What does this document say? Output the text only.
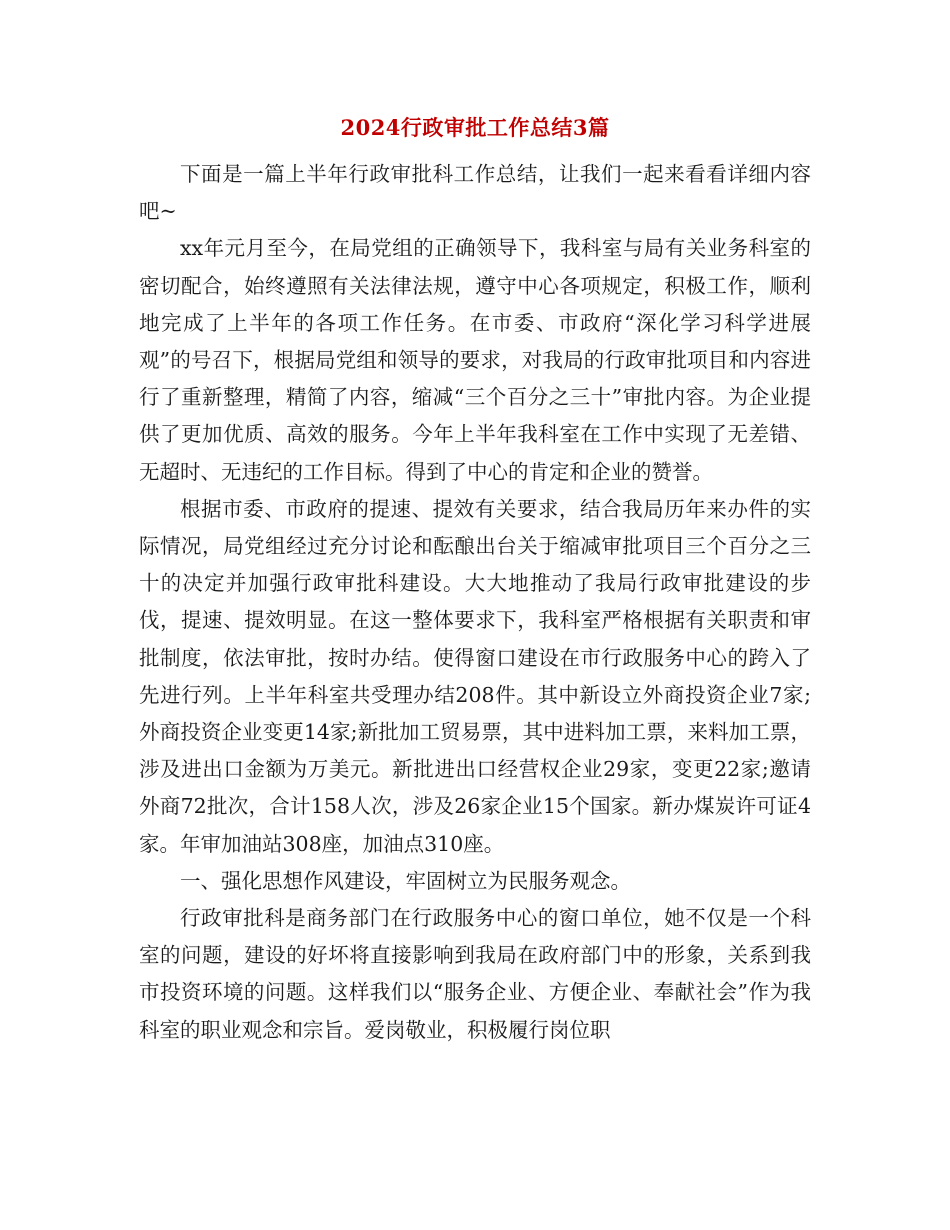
2024行政审批工作总结3篇

下面是一篇上半年行政审批科工作总结，让我们一起来看看详细内容吧~

xx年元月至今，在局党组的正确领导下，我科室与局有关业务科室的密切配合，始终遵照有关法律法规，遵守中心各项规定，积极工作，顺利地完成了上半年的各项工作任务。在市委、市政府“深化学习科学进展观”的号召下，根据局党组和领导的要求，对我局的行政审批项目和内容进行了重新整理，精简了内容，缩减“三个百分之三十”审批内容。为企业提供了更加优质、高效的服务。今年上半年我科室在工作中实现了无差错、无超时、无违纪的工作目标。得到了中心的肯定和企业的赞誉。

根据市委、市政府的提速、提效有关要求，结合我局历年来办件的实际情况，局党组经过充分讨论和酝酿出台关于缩减审批项目三个百分之三十的决定并加强行政审批科建设。大大地推动了我局行政审批建设的步伐，提速、提效明显。在这一整体要求下，我科室严格根据有关职责和审批制度，依法审批，按时办结。使得窗口建设在市行政服务中心的跨入了先进行列。上半年科室共受理办结208件。其中新设立外商投资企业7家;外商投资企业变更14家;新批加工贸易票，其中进料加工票，来料加工票，涉及进出口金额为万美元。新批进出口经营权企业29家，变更22家;邀请外商72批次，合计158人次，涉及26家企业15个国家。新办煤炭许可证4家。年审加油站308座，加油点310座。

一、强化思想作风建设，牢固树立为民服务观念。

行政审批科是商务部门在行政服务中心的窗口单位，她不仅是一个科室的问题，建设的好坏将直接影响到我局在政府部门中的形象，关系到我市投资环境的问题。这样我们以“服务企业、方便企业、奉献社会”作为我科室的职业观念和宗旨。爱岗敬业，积极履行岗位职
